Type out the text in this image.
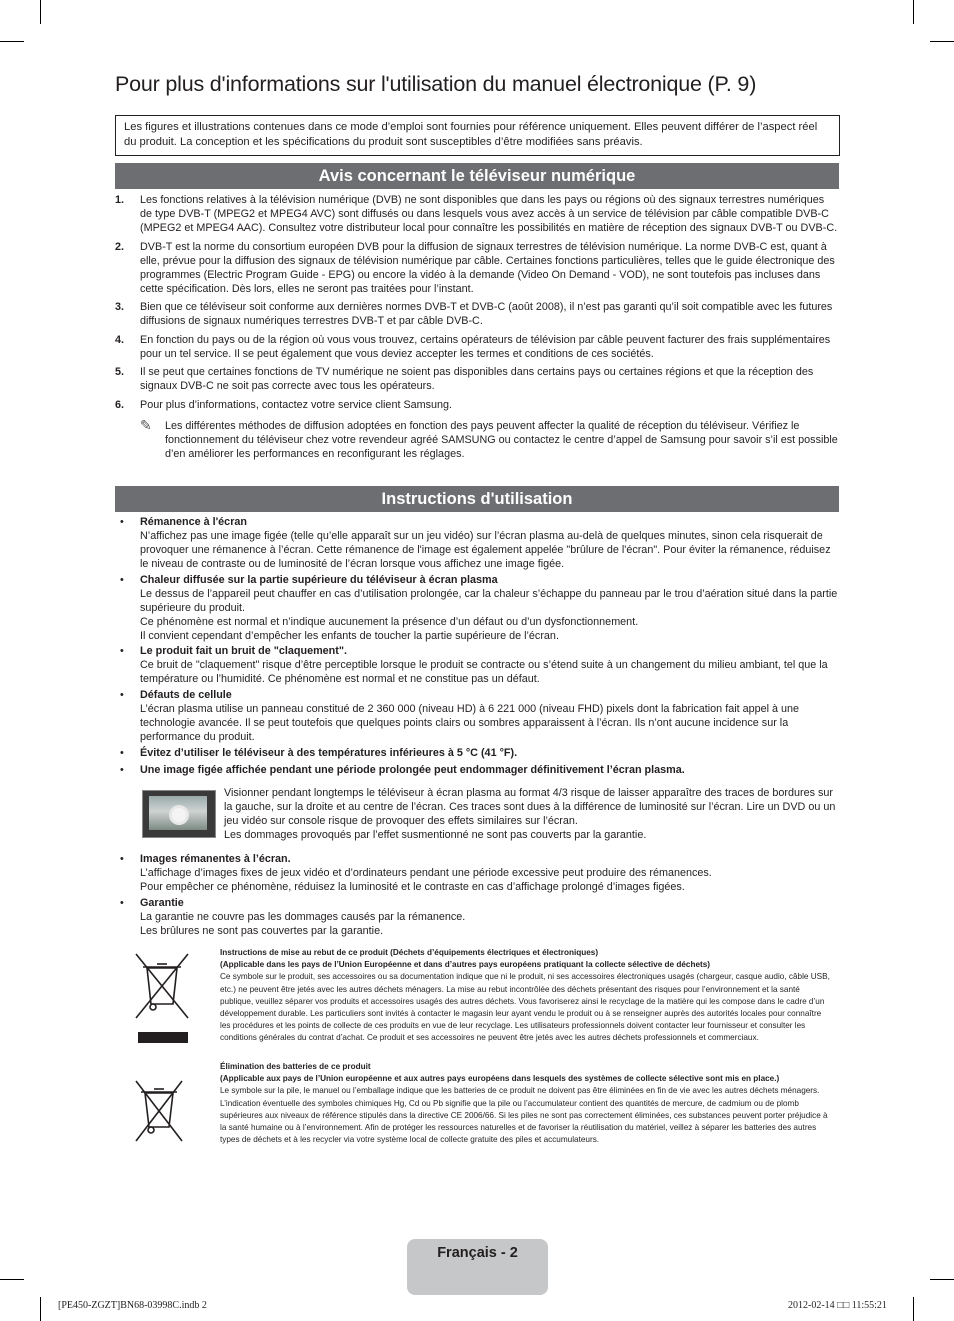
Pour plus d'informations sur l'utilisation du manuel électronique (P. 9)
Les figures et illustrations contenues dans ce mode d’emploi sont fournies pour référence uniquement. Elles peuvent différer de l’aspect réel du produit. La conception et les spécifications du produit sont susceptibles d’être modifiées sans préavis.
Avis concernant le téléviseur numérique
1. Les fonctions relatives à la télévision numérique (DVB) ne sont disponibles que dans les pays ou régions où des signaux terrestres numériques de type DVB-T (MPEG2 et MPEG4 AVC) sont diffusés ou dans lesquels vous avez accès à un service de télévision par câble compatible DVB-C (MPEG2 et MPEG4 AAC). Consultez votre distributeur local pour connaître les possibilités en matière de réception des signaux DVB-T ou DVB-C.
2. DVB-T est la norme du consortium européen DVB pour la diffusion de signaux terrestres de télévision numérique. La norme DVB-C est, quant à elle, prévue pour la diffusion des signaux de télévision numérique par câble. Certaines fonctions particulières, telles que le guide électronique des programmes (Electric Program Guide - EPG) ou encore la vidéo à la demande (Video On Demand - VOD), ne sont toutefois pas incluses dans cette spécification. Dès lors, elles ne seront pas traitées pour l’instant.
3. Bien que ce téléviseur soit conforme aux dernières normes DVB-T et DVB-C (août 2008), il n’est pas garanti qu’il soit compatible avec les futures diffusions de signaux numériques terrestres DVB-T et par câble DVB-C.
4. En fonction du pays ou de la région où vous vous trouvez, certains opérateurs de télévision par câble peuvent facturer des frais supplémentaires pour un tel service. Il se peut également que vous deviez accepter les termes et conditions de ces sociétés.
5. Il se peut que certaines fonctions de TV numérique ne soient pas disponibles dans certains pays ou certaines régions et que la réception des signaux DVB-C ne soit pas correcte avec tous les opérateurs.
6. Pour plus d’informations, contactez votre service client Samsung.
✎ Les différentes méthodes de diffusion adoptées en fonction des pays peuvent affecter la qualité de réception du téléviseur. Vérifiez le fonctionnement du téléviseur chez votre revendeur agréé SAMSUNG ou contactez le centre d’appel de Samsung pour savoir s’il est possible d’en améliorer les performances en reconfigurant les réglages.
Instructions d'utilisation
• Rémanence à l'écran
N’affichez pas une image figée (telle qu’elle apparaît sur un jeu vidéo) sur l’écran plasma au-delà de quelques minutes, sinon cela risquerait de provoquer une rémanence à l’écran. Cette rémanence de l'image est également appelée "brûlure de l'écran". Pour éviter la rémanence, réduisez le niveau de contraste ou de luminosité de l’écran lorsque vous affichez une image figée.
• Chaleur diffusée sur la partie supérieure du téléviseur à écran plasma
Le dessus de l’appareil peut chauffer en cas d’utilisation prolongée, car la chaleur s’échappe du panneau par le trou d’aération situé dans la partie supérieure du produit.
Ce phénomène est normal et n’indique aucunement la présence d’un défaut ou d’un dysfonctionnement.
Il convient cependant d’empêcher les enfants de toucher la partie supérieure de l’écran.
• Le produit fait un bruit de "claquement".
Ce bruit de "claquement" risque d’être perceptible lorsque le produit se contracte ou s’étend suite à un changement du milieu ambiant, tel que la température ou l’humidité. Ce phénomène est normal et ne constitue pas un défaut.
• Défauts de cellule
L’écran plasma utilise un panneau constitué de 2 360 000 (niveau HD) à 6 221 000 (niveau FHD) pixels dont la fabrication fait appel à une technologie avancée. Il se peut toutefois que quelques points clairs ou sombres apparaissent à l’écran. Ils n’ont aucune incidence sur la performance du produit.
• Évitez d’utiliser le téléviseur à des températures inférieures à 5 °C (41 °F).
• Une image figée affichée pendant une période prolongée peut endommager définitivement l’écran plasma.
Visionner pendant longtemps le téléviseur à écran plasma au format 4/3 risque de laisser apparaître des traces de bordures sur la gauche, sur la droite et au centre de l’écran. Ces traces sont dues à la différence de luminosité sur l’écran. Lire un DVD ou un jeu vidéo sur console risque de provoquer des effets similaires sur l’écran.
Les dommages provoqués par l’effet susmentionné ne sont pas couverts par la garantie.
• Images rémanentes à l’écran.
L’affichage d’images fixes de jeux vidéo et d’ordinateurs pendant une période excessive peut produire des rémanences.
Pour empêcher ce phénomène, réduisez la luminosité et le contraste en cas d’affichage prolongé d’images figées.
• Garantie
La garantie ne couvre pas les dommages causés par la rémanence.
Les brûlures ne sont pas couvertes par la garantie.
Instructions de mise au rebut de ce produit (Déchets d’équipements électriques et électroniques)
(Applicable dans les pays de l’Union Européenne et dans d’autres pays européens pratiquant la collecte sélective de déchets)
Ce symbole sur le produit, ses accessoires ou sa documentation indique que ni le produit, ni ses accessoires électroniques usagés (chargeur, casque audio, câble USB, etc.) ne peuvent être jetés avec les autres déchets ménagers. La mise au rebut incontrôlée des déchets présentant des risques pour l’environnement et la santé publique, veuillez séparer vos produits et accessoires usagés des autres déchets. Vous favoriserez ainsi le recyclage de la matière qui les compose dans le cadre d’un développement durable. Les particuliers sont invités à contacter le magasin leur ayant vendu le produit ou à se renseigner auprès des autorités locales pour connaître les procédures et les points de collecte de ces produits en vue de leur recyclage. Les utilisateurs professionnels doivent contacter leur fournisseur et consulter les conditions générales du contrat d’achat. Ce produit et ses accessoires ne peuvent être jetés avec les autres déchets professionnels et commerciaux.
Élimination des batteries de ce produit
(Applicable aux pays de l’Union européenne et aux autres pays européens dans lesquels des systèmes de collecte sélective sont mis en place.)
Le symbole sur la pile, le manuel ou l’emballage indique que les batteries de ce produit ne doivent pas être éliminées en fin de vie avec les autres déchets ménagers. L’indication éventuelle des symboles chimiques Hg, Cd ou Pb signifie que la pile ou l’accumulateur contient des quantités de mercure, de cadmium ou de plomb supérieures aux niveaux de référence stipulés dans la directive CE 2006/66. Si les piles ne sont pas correctement éliminées, ces substances peuvent porter préjudice à la santé humaine ou à l’environnement. Afin de protéger les ressources naturelles et de favoriser la réutilisation du matériel, veillez à séparer les batteries des autres types de déchets et à les recycler via votre système local de collecte gratuite des piles et accumulateurs.
Français - 2
[PE450-ZGZT]BN68-03998C.indb 2	2012-02-14 □□ 11:55:21
